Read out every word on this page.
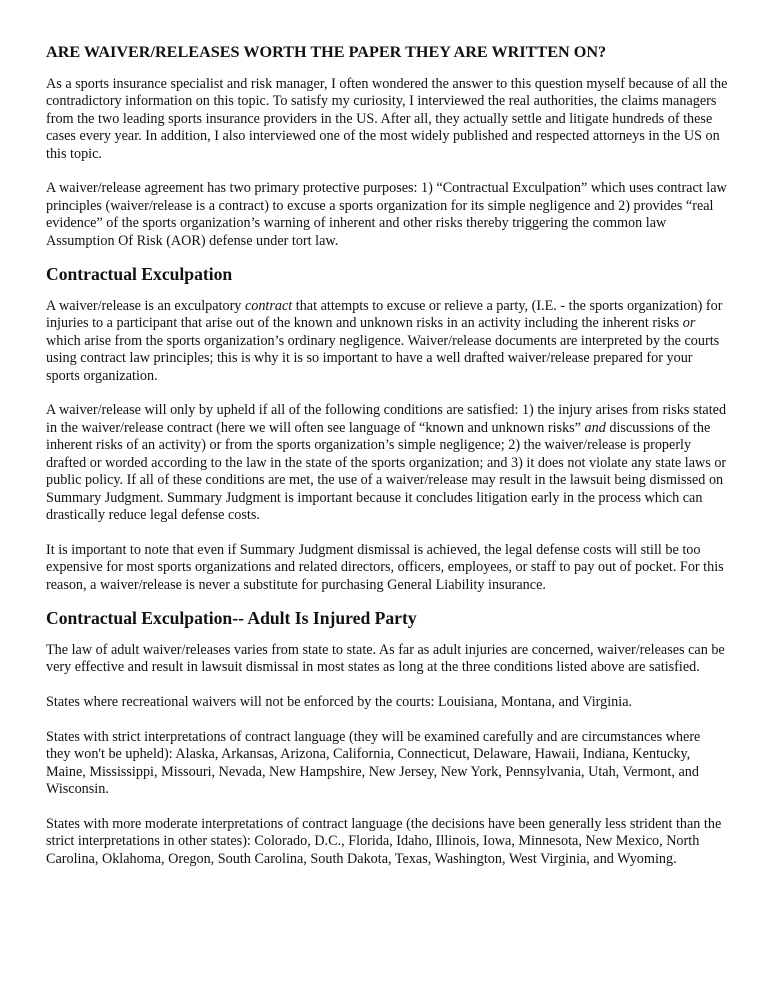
ARE WAIVER/RELEASES WORTH THE PAPER THEY ARE WRITTEN ON?

As a sports insurance specialist and risk manager, I often wondered the answer to this question myself because of all the contradictory information on this topic. To satisfy my curiosity, I interviewed the real authorities, the claims managers from the two leading sports insurance providers in the US. After all, they actually settle and litigate hundreds of these cases every year. In addition, I also interviewed one of the most widely published and respected attorneys in the US on this topic.

A waiver/release agreement has two primary protective purposes: 1) “Contractual Exculpation” which uses contract law principles (waiver/release is a contract) to excuse a sports organization for its simple negligence and 2) provides “real evidence” of the sports organization’s warning of inherent and other risks thereby triggering the common law Assumption Of Risk (AOR) defense under tort law.

Contractual Exculpation

A waiver/release is an exculpatory contract that attempts to excuse or relieve a party, (I.E. - the sports organization) for injuries to a participant that arise out of the known and unknown risks in an activity including the inherent risks or which arise from the sports organization’s ordinary negligence. Waiver/release documents are interpreted by the courts using contract law principles; this is why it is so important to have a well drafted waiver/release prepared for your sports organization.

A waiver/release will only by upheld if all of the following conditions are satisfied: 1) the injury arises from risks stated in the waiver/release contract (here we will often see language of “known and unknown risks” and discussions of the inherent risks of an activity) or from the sports organization’s simple negligence; 2) the waiver/release is properly drafted or worded according to the law in the state of the sports organization; and 3) it does not violate any state laws or public policy. If all of these conditions are met, the use of a waiver/release may result in the lawsuit being dismissed on Summary Judgment. Summary Judgment is important because it concludes litigation early in the process which can drastically reduce legal defense costs.

It is important to note that even if Summary Judgment dismissal is achieved, the legal defense costs will still be too expensive for most sports organizations and related directors, officers, employees, or staff to pay out of pocket. For this reason, a waiver/release is never a substitute for purchasing General Liability insurance.

Contractual Exculpation-- Adult Is Injured Party

The law of adult waiver/releases varies from state to state. As far as adult injuries are concerned, waiver/releases can be very effective and result in lawsuit dismissal in most states as long at the three conditions listed above are satisfied.

States where recreational waivers will not be enforced by the courts: Louisiana, Montana, and Virginia.

States with strict interpretations of contract language (they will be examined carefully and are circumstances where they won't be upheld): Alaska, Arkansas, Arizona, California, Connecticut, Delaware, Hawaii, Indiana, Kentucky, Maine, Mississippi, Missouri, Nevada, New Hampshire, New Jersey, New York, Pennsylvania, Utah, Vermont, and Wisconsin.

States with more moderate interpretations of contract language (the decisions have been generally less strident than the strict interpretations in other states): Colorado, D.C., Florida, Idaho, Illinois, Iowa, Minnesota, New Mexico, North Carolina, Oklahoma, Oregon, South Carolina, South Dakota, Texas, Washington, West Virginia, and Wyoming.
